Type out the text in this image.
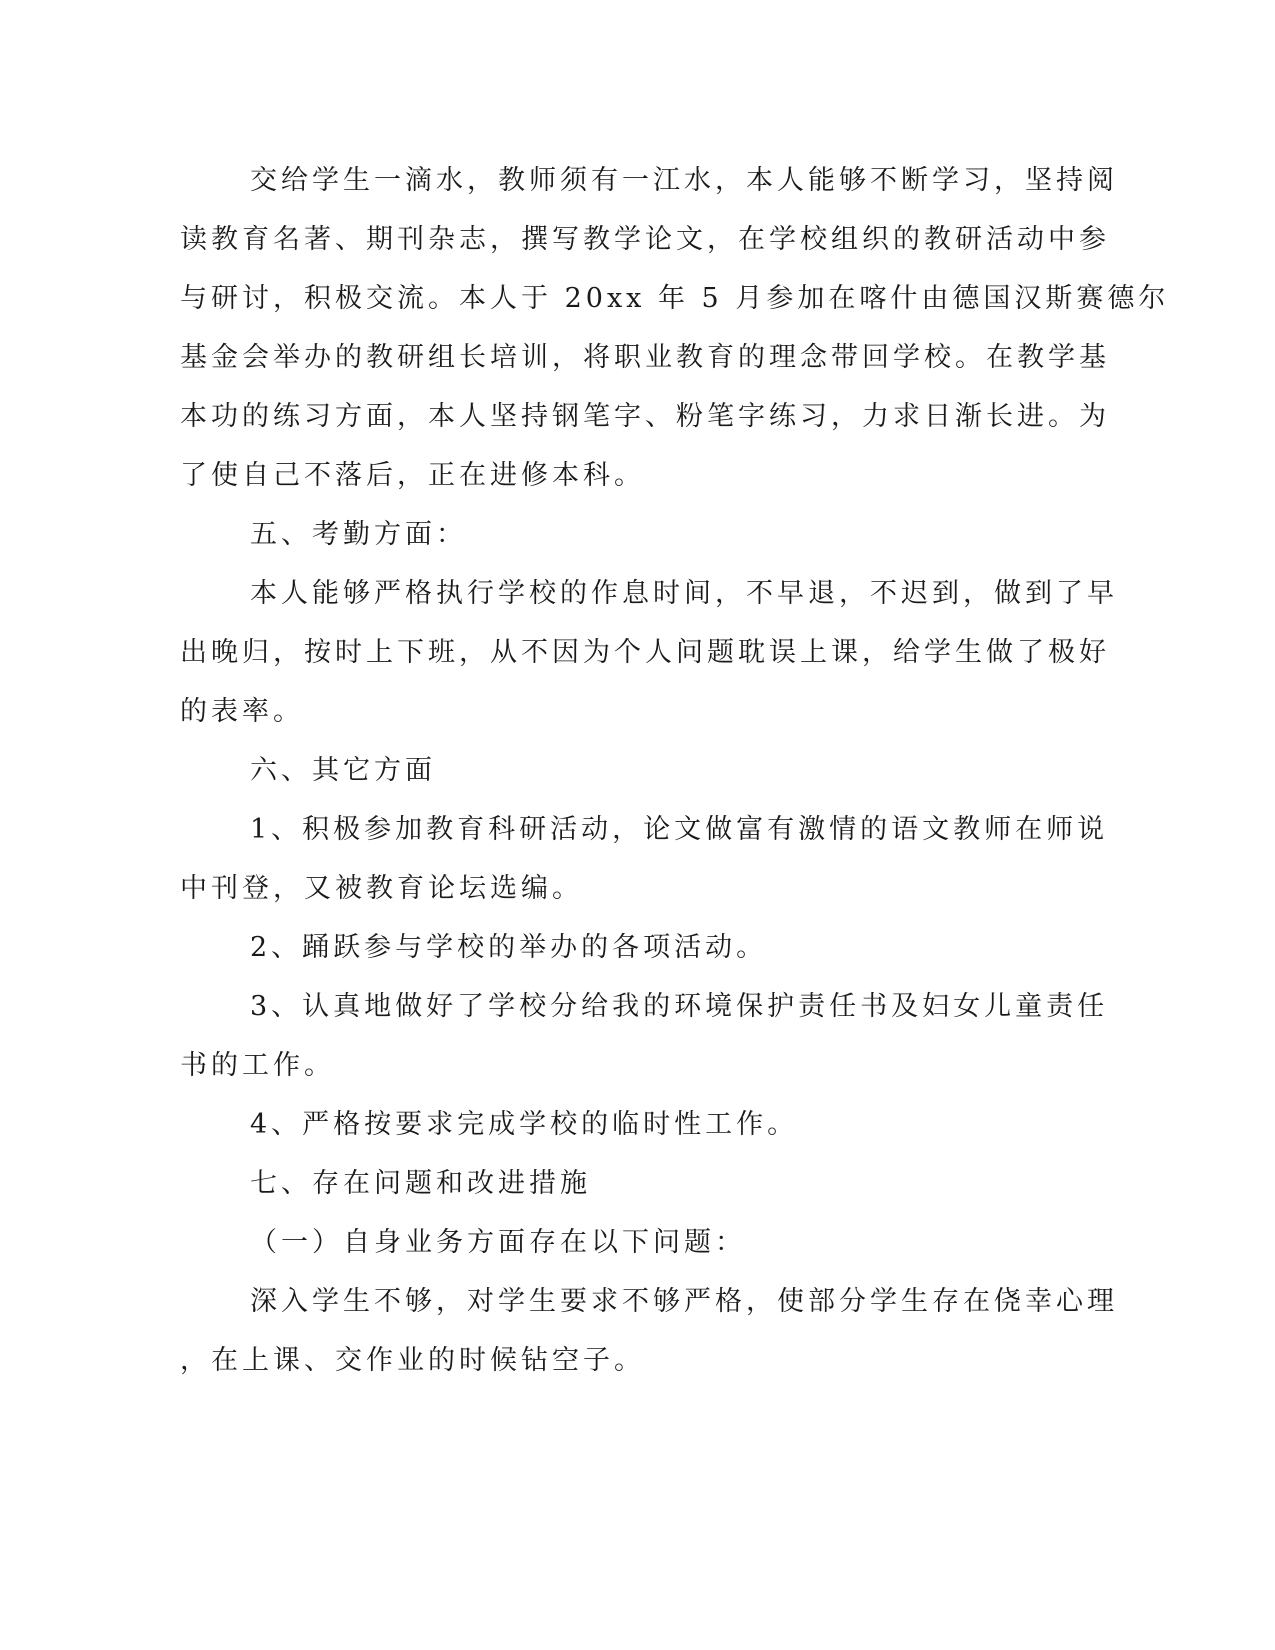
交给学生一滴水，教师须有一江水，本人能够不断学习，坚持阅
读教育名著、期刊杂志，撰写教学论文，在学校组织的教研活动中参
与研讨，积极交流。本人于 20xx 年 5 月参加在喀什由德国汉斯赛德尔
基金会举办的教研组长培训，将职业教育的理念带回学校。在教学基
本功的练习方面，本人坚持钢笔字、粉笔字练习，力求日渐长进。为
了使自己不落后，正在进修本科。
五、考勤方面：
本人能够严格执行学校的作息时间，不早退，不迟到，做到了早
出晚归，按时上下班，从不因为个人问题耽误上课，给学生做了极好
的表率。
六、其它方面
1、积极参加教育科研活动，论文做富有激情的语文教师在师说
中刊登，又被教育论坛选编。
2、踊跃参与学校的举办的各项活动。
3、认真地做好了学校分给我的环境保护责任书及妇女儿童责任
书的工作。
4、严格按要求完成学校的临时性工作。
七、存在问题和改进措施
（一）自身业务方面存在以下问题：
深入学生不够，对学生要求不够严格，使部分学生存在侥幸心理
，在上课、交作业的时候钻空子。
